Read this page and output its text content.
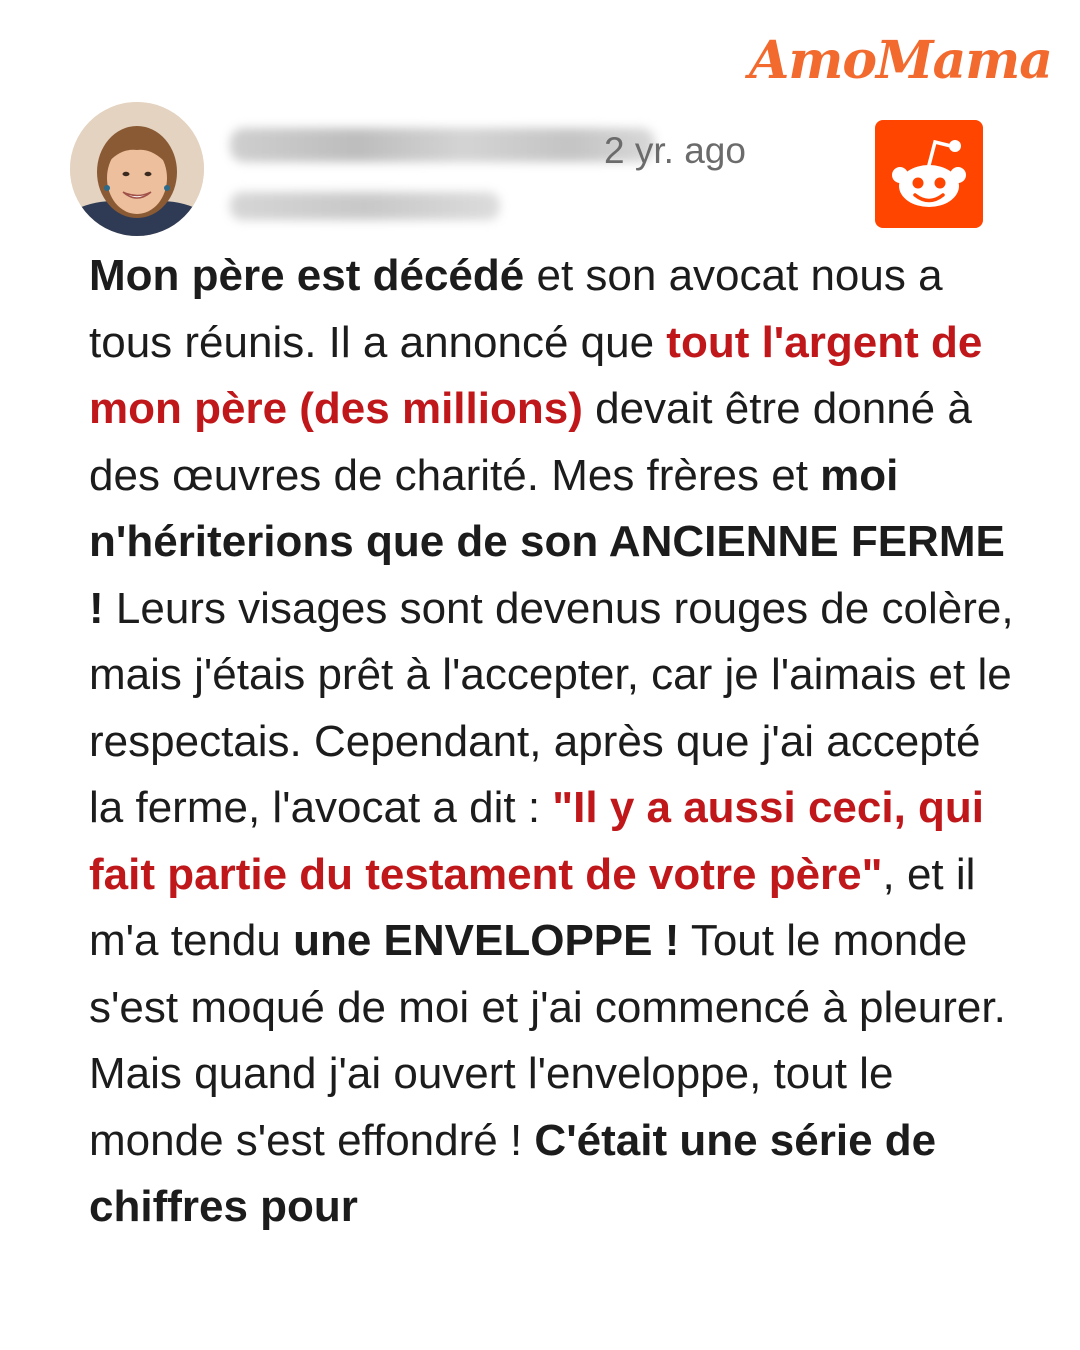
AmoMama
2 yr. ago
Mon père est décédé et son avocat nous a tous réunis. Il a annoncé que tout l'argent de mon père (des millions) devait être donné à des œuvres de charité. Mes frères et moi n'hériterions que de son ANCIENNE FERME ! Leurs visages sont devenus rouges de colère, mais j'étais prêt à l'accepter, car je l'aimais et le respectais. Cependant, après que j'ai accepté la ferme, l'avocat a dit : "Il y a aussi ceci, qui fait partie du testament de votre père", et il m'a tendu une ENVELOPPE ! Tout le monde s'est moqué de moi et j'ai commencé à pleurer. Mais quand j'ai ouvert l'enveloppe, tout le monde s'est effondré ! C'était une série de chiffres pour
